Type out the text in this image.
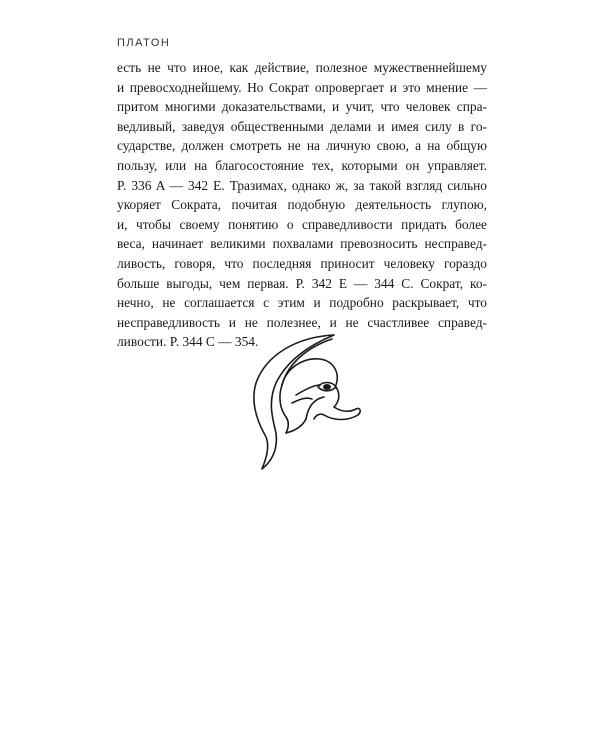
ПЛАТОН
есть не что иное, как действие, полезное мужественнейшему
и превосходнейшему. Но Сократ опровергает и это мнение —
притом многими доказательствами, и учит, что человек спра-
ведливый, заведуя общественными делами и имея силу в го-
сударстве, должен смотреть не на личную свою, а на общую
пользу, или на благосостояние тех, которыми он управляет.
P. 336 A — 342 E. Тразимах, однако ж, за такой взгляд сильно
укоряет Сократа, почитая подобную деятельность глупою,
и, чтобы своему понятию о справедливости придать более
веса, начинает великими похвалами превозносить несправед-
ливость, говоря, что последняя приносит человеку гораздо
больше выгоды, чем первая. P. 342 E — 344 C. Сократ, ко-
нечно, не соглашается с этим и подробно раскрывает, что
несправедливость и не полезнее, и не счастливее справед-
ливости. P. 344 C — 354.
